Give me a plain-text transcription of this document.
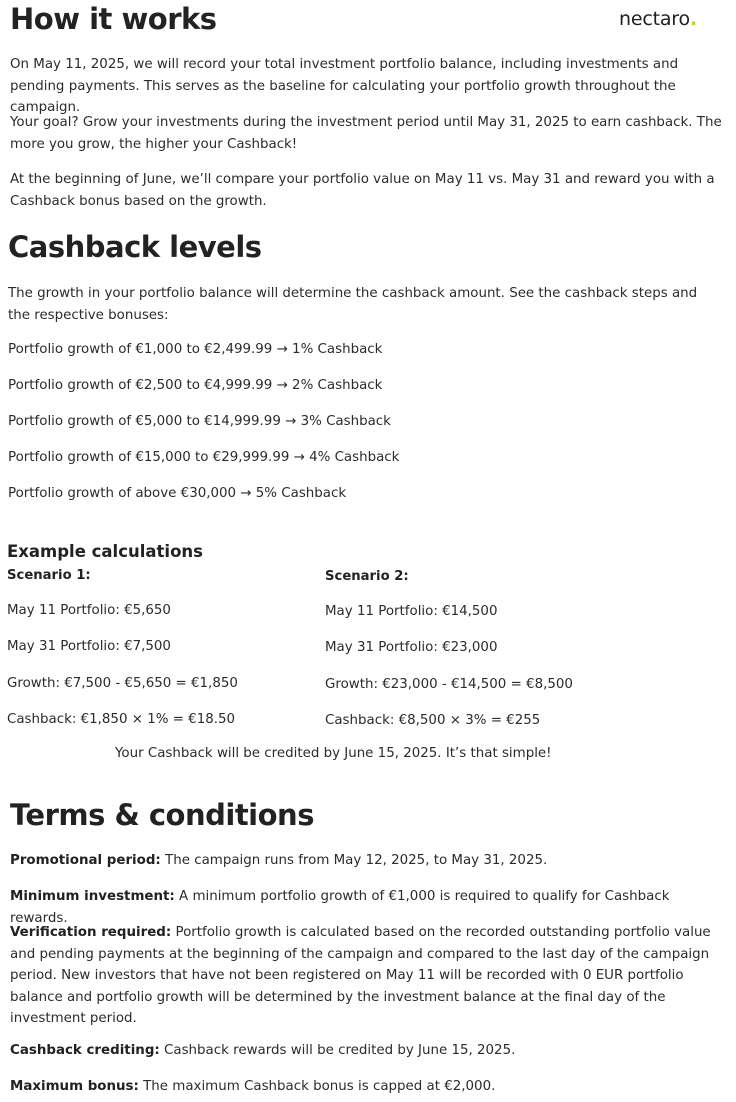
How it works	nectaro.
On May 11, 2025, we will record your total investment portfolio balance, including investments and pending payments. This serves as the baseline for calculating your portfolio growth throughout the campaign.
Your goal? Grow your investments during the investment period until May 31, 2025 to earn cashback. The more you grow, the higher your Cashback!
At the beginning of June, we’ll compare your portfolio value on May 11 vs. May 31 and reward you with a Cashback bonus based on the growth.
Cashback levels
The growth in your portfolio balance will determine the cashback amount. See the cashback steps and the respective bonuses:
Portfolio growth of €1,000 to €2,499.99 → 1% Cashback
Portfolio growth of €2,500 to €4,999.99 → 2% Cashback
Portfolio growth of €5,000 to €14,999.99 → 3% Cashback
Portfolio growth of €15,000 to €29,999.99 → 4% Cashback
Portfolio growth of above €30,000 → 5% Cashback
Example calculations
Scenario 1:
May 11 Portfolio: €5,650
May 31 Portfolio: €7,500
Growth: €7,500 - €5,650 = €1,850
Cashback: €1,850 × 1% = €18.50
Scenario 2:
May 11 Portfolio: €14,500
May 31 Portfolio: €23,000
Growth: €23,000 - €14,500 = €8,500
Cashback: €8,500 × 3% = €255
Your Cashback will be credited by June 15, 2025. It’s that simple!
Terms & conditions
Promotional period: The campaign runs from May 12, 2025, to May 31, 2025.
Minimum investment: A minimum portfolio growth of €1,000 is required to qualify for Cashback rewards.
Verification required: Portfolio growth is calculated based on the recorded outstanding portfolio value and pending payments at the beginning of the campaign and compared to the last day of the campaign period. New investors that have not been registered on May 11 will be recorded with 0 EUR portfolio balance and portfolio growth will be determined by the investment balance at the final day of the investment period.
Cashback crediting: Cashback rewards will be credited by June 15, 2025.
Maximum bonus: The maximum Cashback bonus is capped at €2,000.
